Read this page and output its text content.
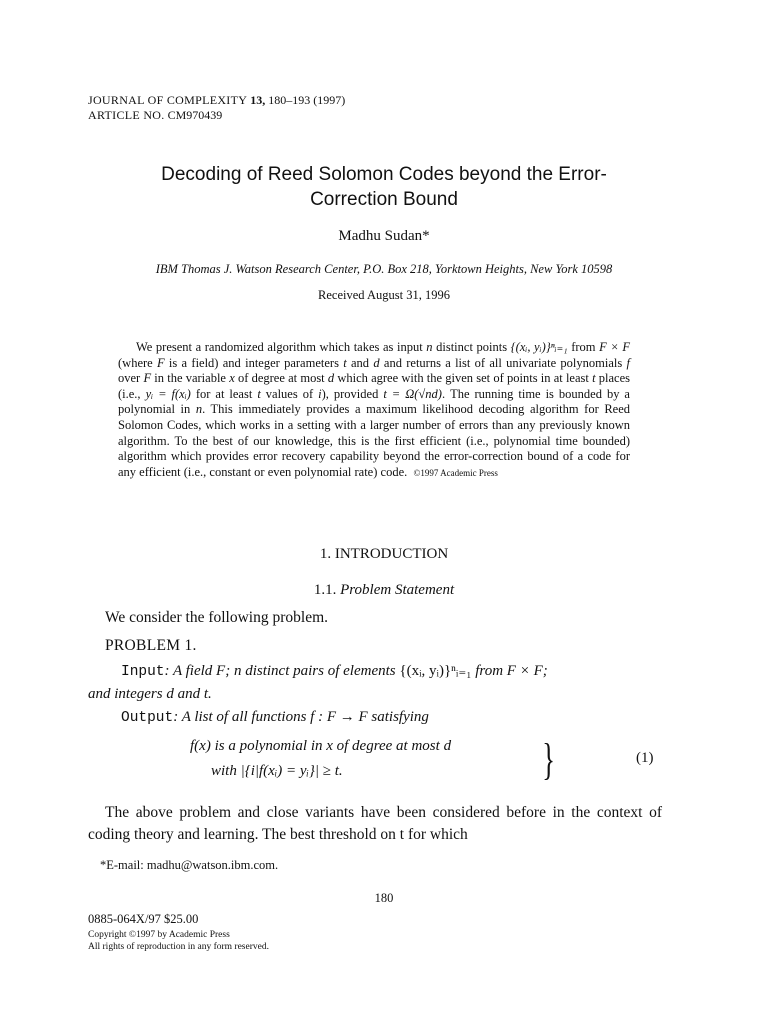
JOURNAL OF COMPLEXITY 13, 180–193 (1997)
ARTICLE NO. CM970439
Decoding of Reed Solomon Codes beyond the Error-
Correction Bound
Madhu Sudan*
IBM Thomas J. Watson Research Center, P.O. Box 218, Yorktown Heights, New York 10598
Received August 31, 1996

We present a randomized algorithm which takes as input n distinct points {(xᵢ, yᵢ)}ⁿᵢ₌₁ from F × F (where F is a field) and integer parameters t and d and returns a list of all univariate polynomials f over F in the variable x of degree at most d which agree with the given set of points in at least t places (i.e., yᵢ = f(xᵢ) for at least t values of i), provided t = Ω(√nd). The running time is bounded by a polynomial in n. This immediately provides a maximum likelihood decoding algorithm for Reed Solomon Codes, which works in a setting with a larger number of errors than any previously known algorithm. To the best of our knowledge, this is the first efficient (i.e., polynomial time bounded) algorithm which provides error recovery capability beyond the error-correction bound of a code for any efficient (i.e., constant or even polynomial rate) code. ©1997 Academic Press

1. INTRODUCTION
1.1. Problem Statement
We consider the following problem.
PROBLEM 1.
Input: A field F; n distinct pairs of elements {(xᵢ, yᵢ)}ⁿᵢ₌₁ from F × F;
and integers d and t.
Output: A list of all functions f : F → F satisfying
f(x) is a polynomial in x of degree at most d
with |{i|f(xᵢ) = yᵢ}| ≥ t.	}	(1)
The above problem and close variants have been considered before in the context of coding theory and learning. The best threshold on t for which
*E-mail: madhu@watson.ibm.com.
180
0885-064X/97 $25.00
Copyright ©1997 by Academic Press
All rights of reproduction in any form reserved.
